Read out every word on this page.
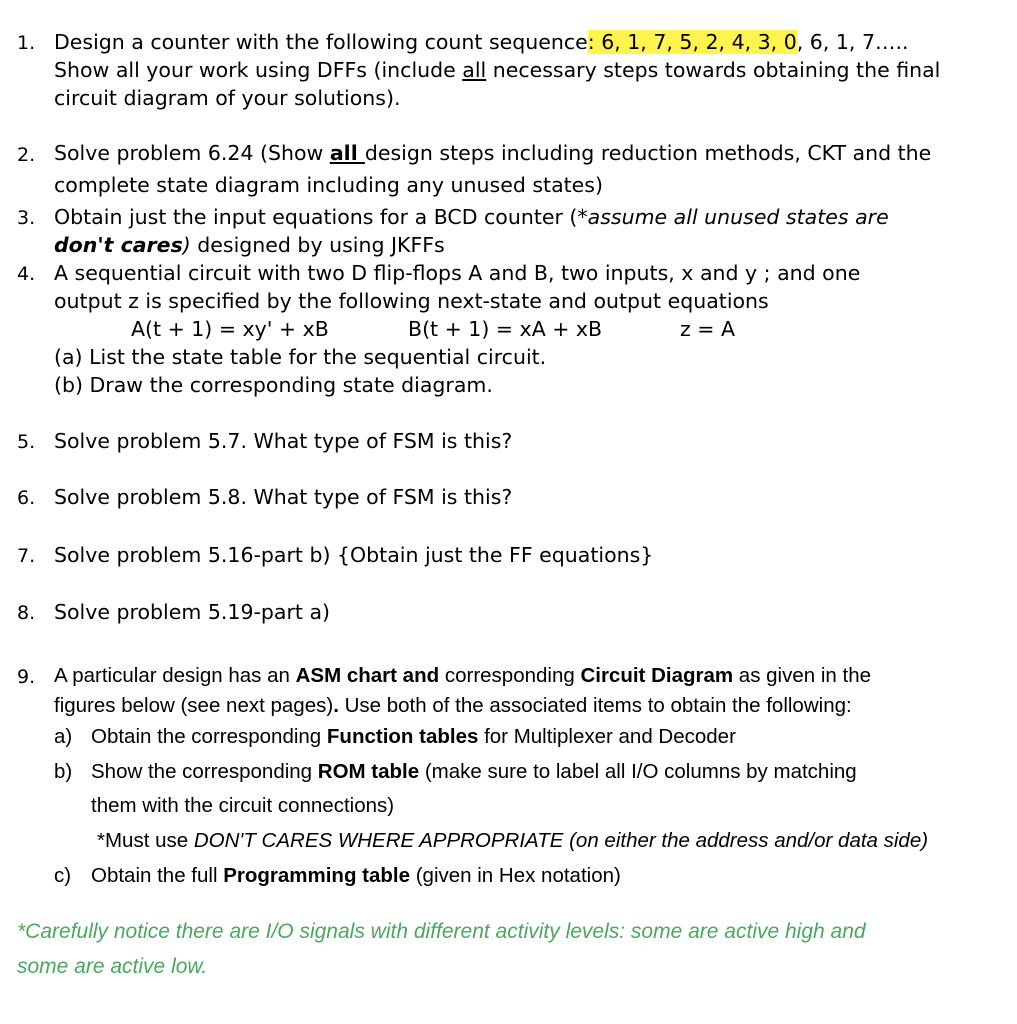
1. Design a counter with the following count sequence: 6, 1, 7, 5, 2, 4, 3, 0, 6, 1, 7…..
Show all your work using DFFs (include all necessary steps towards obtaining the final
circuit diagram of your solutions).
2. Solve problem 6.24 (Show all design steps including reduction methods, CKT and the
complete state diagram including any unused states)
3. Obtain just the input equations for a BCD counter (*assume all unused states are
don't cares) designed by using JKFFs
4. A sequential circuit with two D flip-flops A and B, two inputs, x and y ; and one
output z is specified by the following next-state and output equations
A(t + 1) = xy' + xB	B(t + 1) = xA + xB	z = A
(a) List the state table for the sequential circuit.
(b) Draw the corresponding state diagram.
5. Solve problem 5.7. What type of FSM is this?
6. Solve problem 5.8. What type of FSM is this?
7. Solve problem 5.16-part b) {Obtain just the FF equations}
8. Solve problem 5.19-part a)
9. A particular design has an ASM chart and corresponding Circuit Diagram as given in the
figures below (see next pages). Use both of the associated items to obtain the following:
a) Obtain the corresponding Function tables for Multiplexer and Decoder
b) Show the corresponding ROM table (make sure to label all I/O columns by matching
them with the circuit connections)
*Must use DON'T CARES WHERE APPROPRIATE (on either the address and/or data side)
c) Obtain the full Programming table (given in Hex notation)
*Carefully notice there are I/O signals with different activity levels: some are active high and
some are active low.
